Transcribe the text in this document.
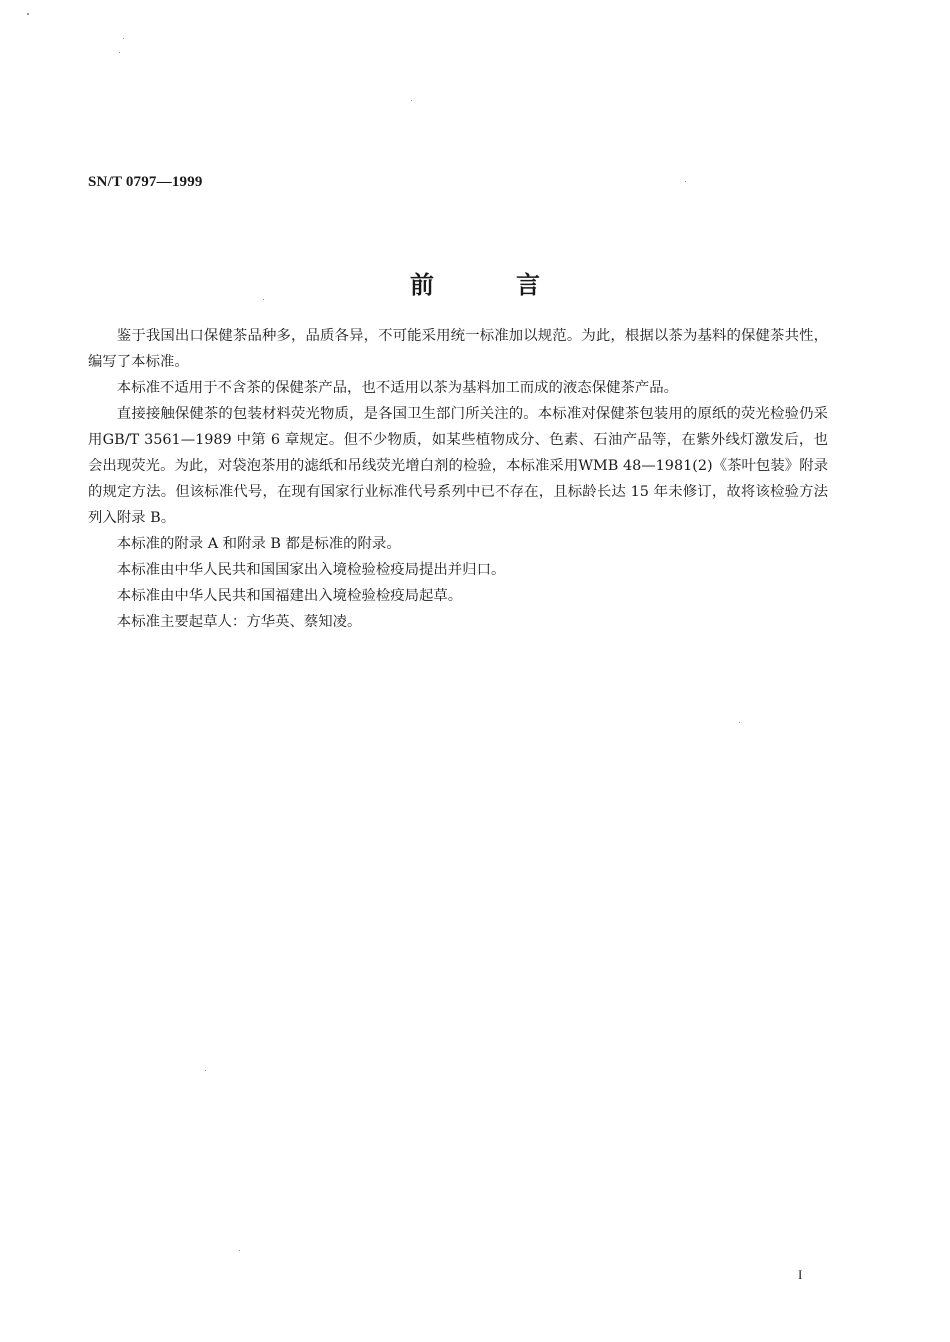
SN/T 0797—1999
前	言

鉴于我国出口保健茶品种多，品质各异，不可能采用统一标准加以规范。为此，根据以茶为基料的保健茶共性，编写了本标准。

本标准不适用于不含茶的保健茶产品，也不适用以茶为基料加工而成的液态保健茶产品。

直接接触保健茶的包装材料荧光物质，是各国卫生部门所关注的。本标准对保健茶包装用的原纸的荧光检验仍采用GB/T 3561—1989 中第 6 章规定。但不少物质，如某些植物成分、色素、石油产品等，在紫外线灯激发后，也会出现荧光。为此，对袋泡茶用的滤纸和吊线荧光增白剂的检验，本标准采用WMB 48—1981(2)《茶叶包装》附录的规定方法。但该标准代号，在现有国家行业标准代号系列中已不存在，且标龄长达 15 年未修订，故将该检验方法列入附录 B。

本标准的附录 A 和附录 B 都是标准的附录。

本标准由中华人民共和国国家出入境检验检疫局提出并归口。

本标准由中华人民共和国福建出入境检验检疫局起草。

本标准主要起草人：方华英、蔡知凌。

I
